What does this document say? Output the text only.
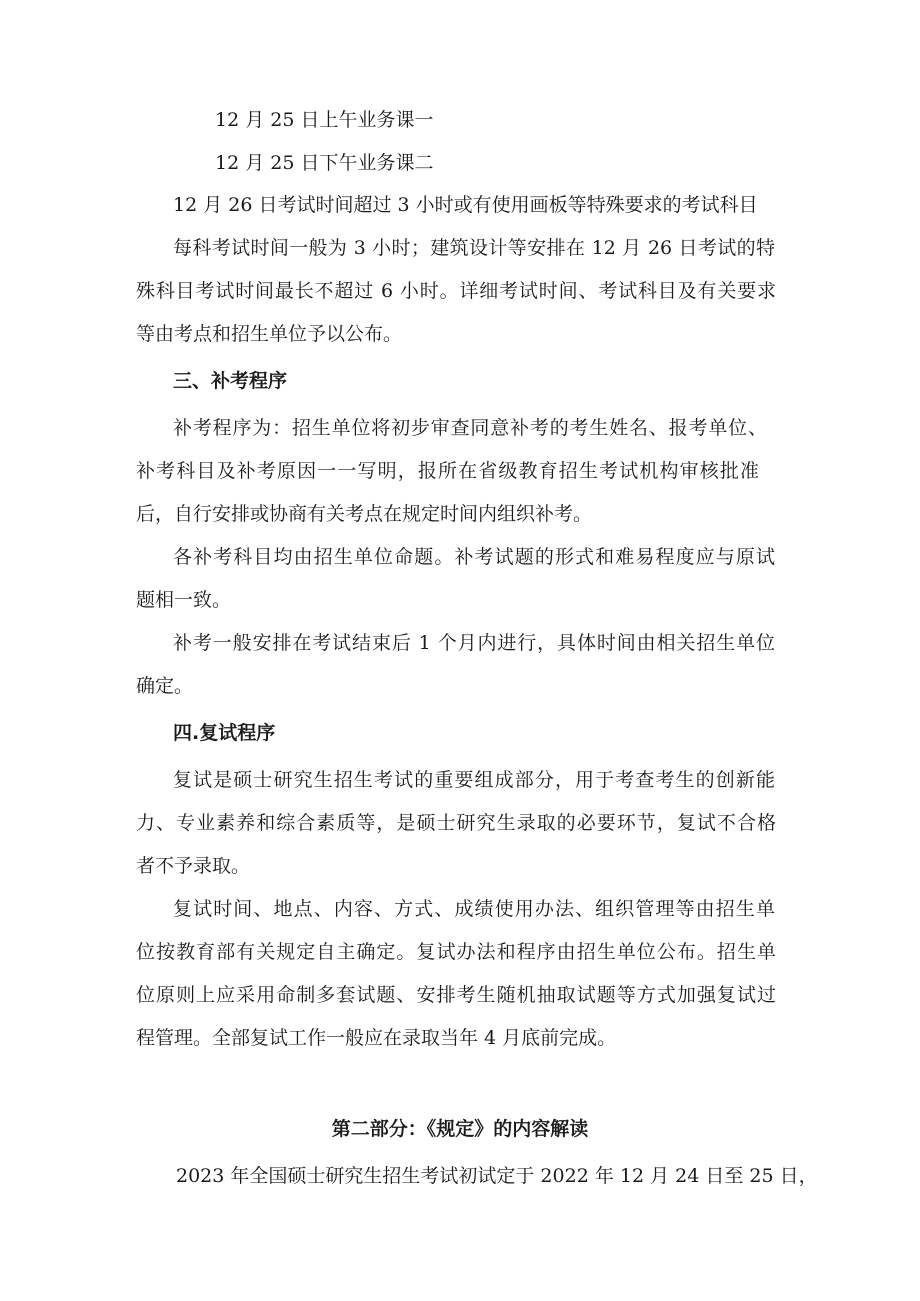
12 月 25 日上午业务课一
12 月 25 日下午业务课二
12 月 26 日考试时间超过 3 小时或有使用画板等特殊要求的考试科目
每科考试时间一般为 3 小时；建筑设计等安排在 12 月 26 日考试的特
殊科目考试时间最长不超过 6 小时。详细考试时间、考试科目及有关要求
等由考点和招生单位予以公布。
三、补考程序
补考程序为：招生单位将初步审查同意补考的考生姓名、报考单位、
补考科目及补考原因一一写明，报所在省级教育招生考试机构审核批准
后，自行安排或协商有关考点在规定时间内组织补考。
各补考科目均由招生单位命题。补考试题的形式和难易程度应与原试
题相一致。
补考一般安排在考试结束后 1 个月内进行，具体时间由相关招生单位
确定。
四.复试程序
复试是硕士研究生招生考试的重要组成部分，用于考查考生的创新能
力、专业素养和综合素质等，是硕士研究生录取的必要环节，复试不合格
者不予录取。
复试时间、地点、内容、方式、成绩使用办法、组织管理等由招生单
位按教育部有关规定自主确定。复试办法和程序由招生单位公布。招生单
位原则上应采用命制多套试题、安排考生随机抽取试题等方式加强复试过
程管理。全部复试工作一般应在录取当年 4 月底前完成。
第二部分：《规定》的内容解读
2023 年全国硕士研究生招生考试初试定于 2022 年 12 月 24 日至 25 日，
